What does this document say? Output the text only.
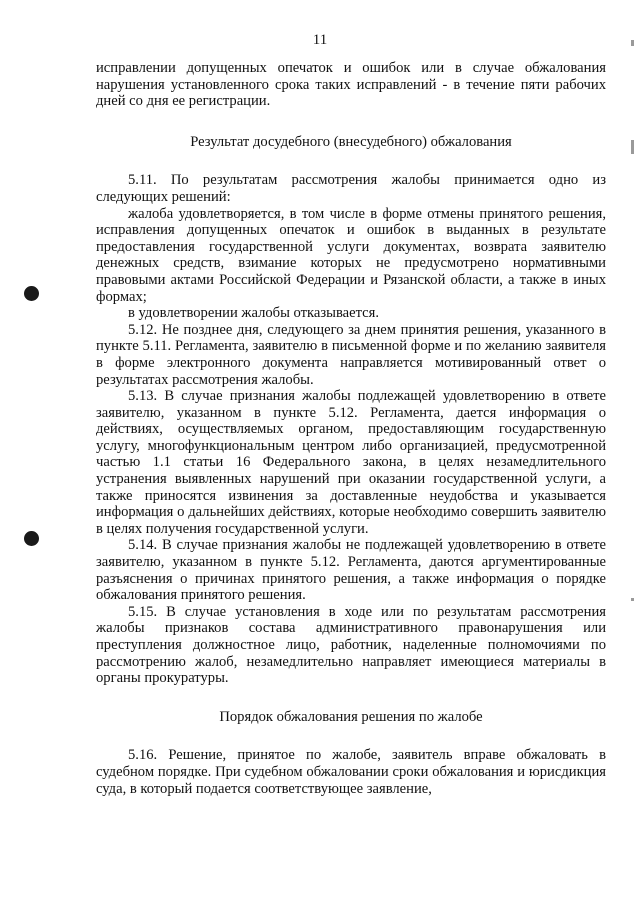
11

исправлении допущенных опечаток и ошибок или в случае обжалования нарушения установленного срока таких исправлений - в течение пяти рабочих дней со дня ее регистрации.

Результат досудебного (внесудебного) обжалования

5.11. По результатам рассмотрения жалобы принимается одно из следующих решений:

жалоба удовлетворяется, в том числе в форме отмены принятого решения, исправления допущенных опечаток и ошибок в выданных в результате предоставления государственной услуги документах, возврата заявителю денежных средств, взимание которых не предусмотрено нормативными правовыми актами Российской Федерации и Рязанской области, а также в иных формах;

в удовлетворении жалобы отказывается.

5.12. Не позднее дня, следующего за днем принятия решения, указанного в пункте 5.11. Регламента, заявителю в письменной форме и по желанию заявителя в форме электронного документа направляется мотивированный ответ о результатах рассмотрения жалобы.

5.13. В случае признания жалобы подлежащей удовлетворению в ответе заявителю, указанном в пункте 5.12. Регламента, дается информация о действиях, осуществляемых органом, предоставляющим государственную услугу, многофункциональным центром либо организацией, предусмотренной частью 1.1 статьи 16 Федерального закона, в целях незамедлительного устранения выявленных нарушений при оказании государственной услуги, а также приносятся извинения за доставленные неудобства и указывается информация о дальнейших действиях, которые необходимо совершить заявителю в целях получения государственной услуги.

5.14. В случае признания жалобы не подлежащей удовлетворению в ответе заявителю, указанном в пункте 5.12. Регламента, даются аргументированные разъяснения о причинах принятого решения, а также информация о порядке обжалования принятого решения.

5.15. В случае установления в ходе или по результатам рассмотрения жалобы признаков состава административного правонарушения или преступления должностное лицо, работник, наделенные полномочиями по рассмотрению жалоб, незамедлительно направляет имеющиеся материалы в органы прокуратуры.

Порядок обжалования решения по жалобе

5.16. Решение, принятое по жалобе, заявитель вправе обжаловать в судебном порядке. При судебном обжаловании сроки обжалования и юрисдикция суда, в который подается соответствующее заявление,
